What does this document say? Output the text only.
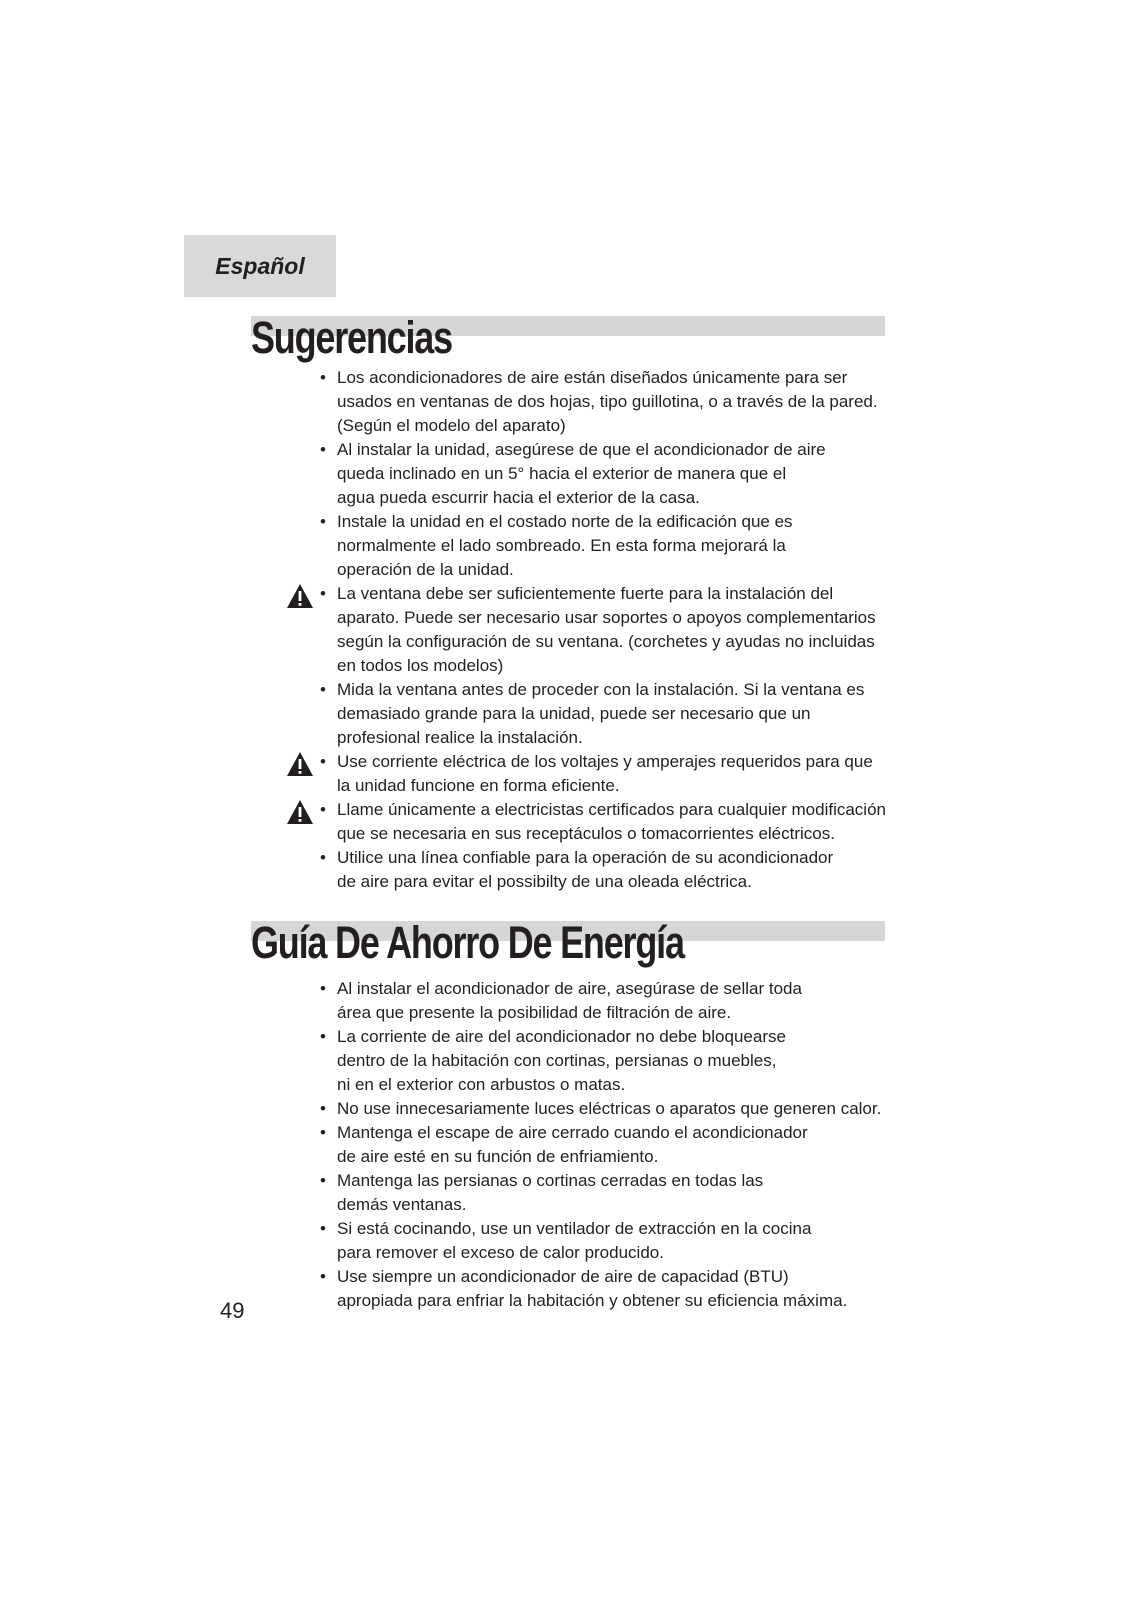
Español
Sugerencias
• Los acondicionadores de aire están diseñados únicamente para ser
usados en ventanas de dos hojas, tipo guillotina, o a través de la pared.
(Según el modelo del aparato)
• Al instalar la unidad, asegúrese de que el acondicionador de aire
queda inclinado en un 5° hacia el exterior de manera que el
agua pueda escurrir hacia el exterior de la casa.
• Instale la unidad en el costado norte de la edificación que es
normalmente el lado sombreado. En esta forma mejorará la
operación de la unidad.
• La ventana debe ser suficientemente fuerte para la instalación del
aparato. Puede ser necesario usar soportes o apoyos complementarios
según la configuración de su ventana. (corchetes y ayudas no incluidas
en todos los modelos)
• Mida la ventana antes de proceder con la instalación. Si la ventana es
demasiado grande para la unidad, puede ser necesario que un
profesional realice la instalación.
• Use corriente eléctrica de los voltajes y amperajes requeridos para que
la unidad funcione en forma eficiente.
• Llame únicamente a electricistas certificados para cualquier modificación
que se necesaria en sus receptáculos o tomacorrientes eléctricos.
• Utilice una línea confiable para la operación de su acondicionador
de aire para evitar el possibilty de una oleada eléctrica.
Guía De Ahorro De Energía
• Al instalar el acondicionador de aire, asegúrase de sellar toda
área que presente la posibilidad de filtración de aire.
• La corriente de aire del acondicionador no debe bloquearse
dentro de la habitación con cortinas, persianas o muebles,
ni en el exterior con arbustos o matas.
• No use innecesariamente luces eléctricas o aparatos que generen calor.
• Mantenga el escape de aire cerrado cuando el acondicionador
de aire esté en su función de enfriamiento.
• Mantenga las persianas o cortinas cerradas en todas las
demás ventanas.
• Si está cocinando, use un ventilador de extracción en la cocina
para remover el exceso de calor producido.
• Use siempre un acondicionador de aire de capacidad (BTU)
apropiada para enfriar la habitación y obtener su eficiencia máxima.
49
